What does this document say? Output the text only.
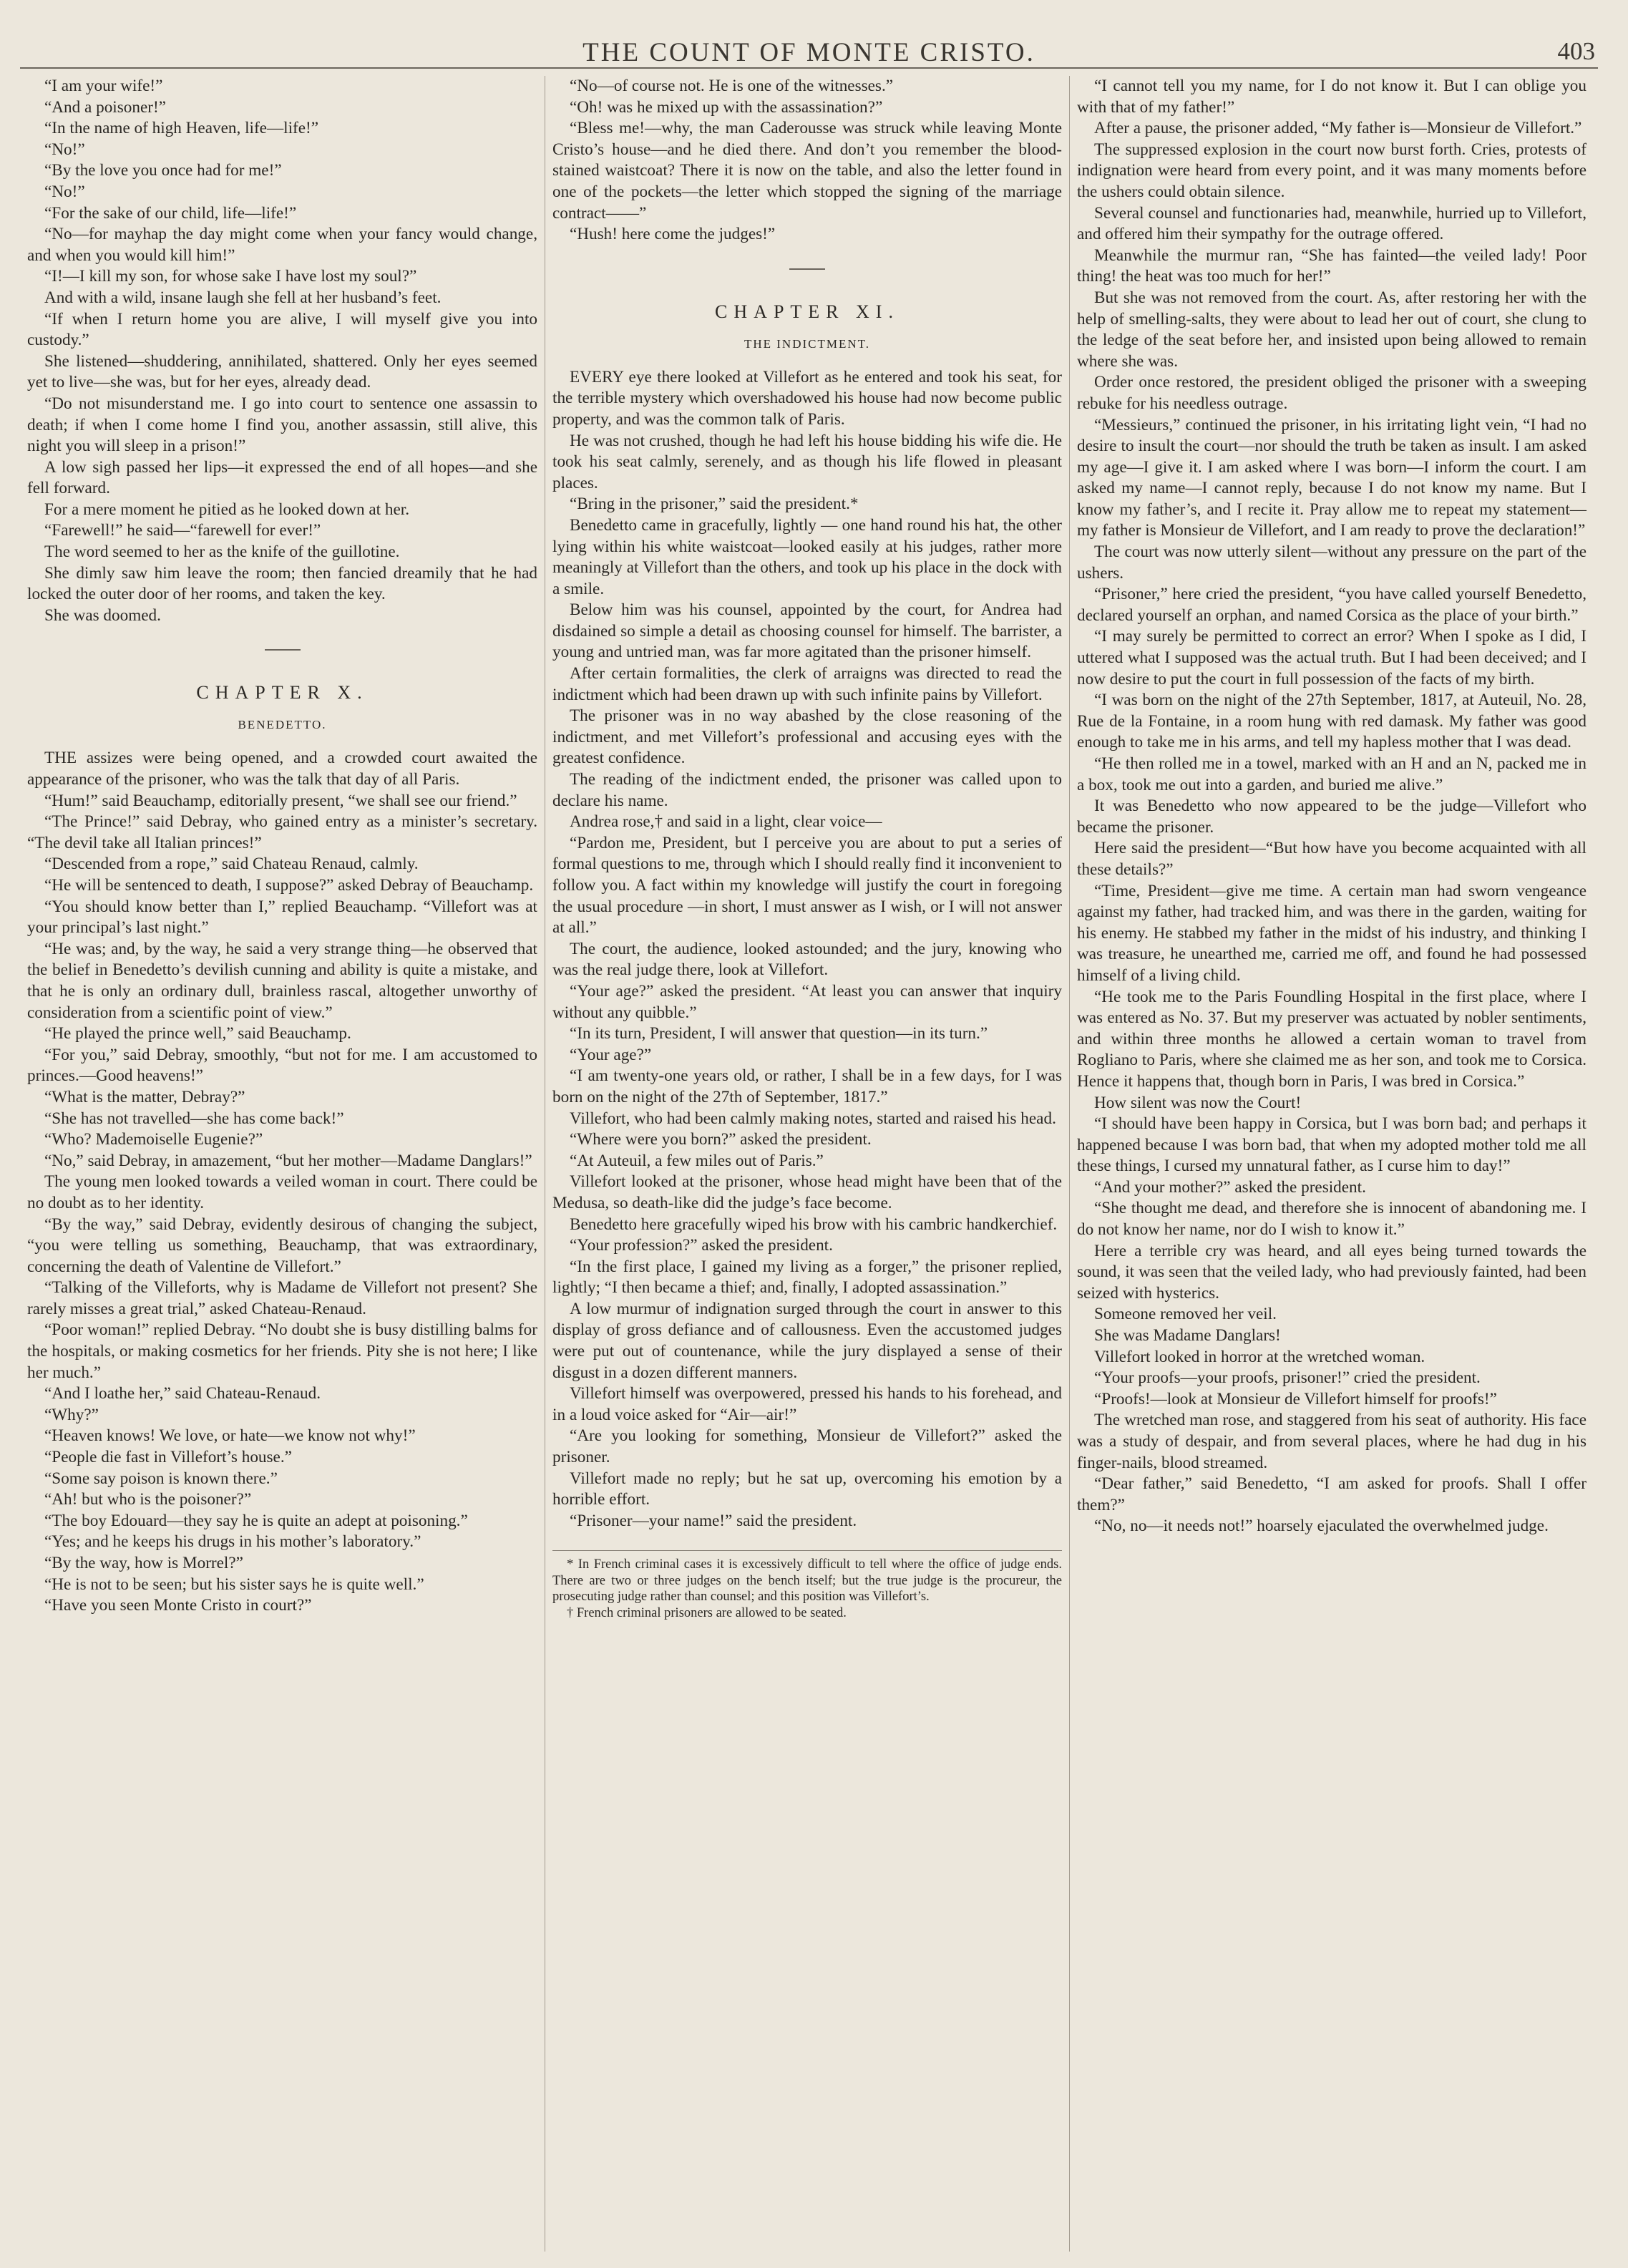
THE COUNT OF MONTE CRISTO.	403

“I am your wife!”

“And a poisoner!”

“In the name of high Heaven, life—life!”

“No!”

“By the love you once had for me!”

“No!”

“For the sake of our child, life—life!”

“No—for mayhap the day might come when your fancy would change, and when you would kill him!”

“I!—I kill my son, for whose sake I have lost my soul?”

And with a wild, insane laugh she fell at her husband’s feet.

“If when I return home you are alive, I will myself give you into custody.”

She listened—shuddering, annihilated, shattered. Only her eyes seemed yet to live—she was, but for her eyes, already dead.

“Do not misunderstand me. I go into court to sentence one assassin to death; if when I come home I find you, another assassin, still alive, this night you will sleep in a prison!”

A low sigh passed her lips—it expressed the end of all hopes—and she fell forward.

For a mere moment he pitied as he looked down at her.

“Farewell!” he said—“farewell for ever!”

The word seemed to her as the knife of the guillotine.

She dimly saw him leave the room; then fancied dreamily that he had locked the outer door of her rooms, and taken the key.

She was doomed.

CHAPTER X.
BENEDETTO.

THE assizes were being opened, and a crowded court awaited the appearance of the prisoner, who was the talk that day of all Paris.

“Hum!” said Beauchamp, editorially present, “we shall see our friend.”

“The Prince!” said Debray, who gained entry as a minister’s secretary. “The devil take all Italian princes!”

“Descended from a rope,” said Chateau Renaud, calmly.

“He will be sentenced to death, I suppose?” asked Debray of Beauchamp.

“You should know better than I,” replied Beauchamp. “Villefort was at your principal’s last night.”

“He was; and, by the way, he said a very strange thing—he observed that the belief in Benedetto’s devilish cunning and ability is quite a mistake, and that he is only an ordinary dull, brainless rascal, altogether unworthy of consideration from a scientific point of view.”

“He played the prince well,” said Beauchamp.

“For you,” said Debray, smoothly, “but not for me. I am accustomed to princes.—Good heavens!”

“What is the matter, Debray?”

“She has not travelled—she has come back!”

“Who? Mademoiselle Eugenie?”

“No,” said Debray, in amazement, “but her mother—Madame Danglars!”

The young men looked towards a veiled woman in court. There could be no doubt as to her identity.

“By the way,” said Debray, evidently desirous of changing the subject, “you were telling us something, Beauchamp, that was extraordinary, concerning the death of Valentine de Villefort.”

“Talking of the Villeforts, why is Madame de Villefort not present? She rarely misses a great trial,” asked Chateau-Renaud.

“Poor woman!” replied Debray. “No doubt she is busy distilling balms for the hospitals, or making cosmetics for her friends. Pity she is not here; I like her much.”

“And I loathe her,” said Chateau-Renaud.

“Why?”

“Heaven knows! We love, or hate—we know not why!”

“People die fast in Villefort’s house.”

“Some say poison is known there.”

“Ah! but who is the poisoner?”

“The boy Edouard—they say he is quite an adept at poisoning.”

“Yes; and he keeps his drugs in his mother’s laboratory.”

“By the way, how is Morrel?”

“He is not to be seen; but his sister says he is quite well.”

“Have you seen Monte Cristo in court?”

“No—of course not. He is one of the witnesses.”

“Oh! was he mixed up with the assassination?”

“Bless me!—why, the man Caderousse was struck while leaving Monte Cristo’s house—and he died there. And don’t you remember the blood-stained waistcoat? There it is now on the table, and also the letter found in one of the pockets—the letter which stopped the signing of the marriage contract——”

“Hush! here come the judges!”

CHAPTER XI.
THE INDICTMENT.

EVERY eye there looked at Villefort as he entered and took his seat, for the terrible mystery which overshadowed his house had now become public property, and was the common talk of Paris.

He was not crushed, though he had left his house bidding his wife die. He took his seat calmly, serenely, and as though his life flowed in pleasant places.

“Bring in the prisoner,” said the president.*

Benedetto came in gracefully, lightly — one hand round his hat, the other lying within his white waistcoat—looked easily at his judges, rather more meaningly at Villefort than the others, and took up his place in the dock with a smile.

Below him was his counsel, appointed by the court, for Andrea had disdained so simple a detail as choosing counsel for himself. The barrister, a young and untried man, was far more agitated than the prisoner himself.

After certain formalities, the clerk of arraigns was directed to read the indictment which had been drawn up with such infinite pains by Villefort.

The prisoner was in no way abashed by the close reasoning of the indictment, and met Villefort’s professional and accusing eyes with the greatest confidence.

The reading of the indictment ended, the prisoner was called upon to declare his name.

Andrea rose,† and said in a light, clear voice—

“Pardon me, President, but I perceive you are about to put a series of formal questions to me, through which I should really find it inconvenient to follow you. A fact within my knowledge will justify the court in foregoing the usual procedure —in short, I must answer as I wish, or I will not answer at all.”

The court, the audience, looked astounded; and the jury, knowing who was the real judge there, look at Villefort.

“Your age?” asked the president. “At least you can answer that inquiry without any quibble.”

“In its turn, President, I will answer that question—in its turn.”

“Your age?”

“I am twenty-one years old, or rather, I shall be in a few days, for I was born on the night of the 27th of September, 1817.”

Villefort, who had been calmly making notes, started and raised his head.

“Where were you born?” asked the president.

“At Auteuil, a few miles out of Paris.”

Villefort looked at the prisoner, whose head might have been that of the Medusa, so death-like did the judge’s face become.

Benedetto here gracefully wiped his brow with his cambric handkerchief.

“Your profession?” asked the president.

“In the first place, I gained my living as a forger,” the prisoner replied, lightly; “I then became a thief; and, finally, I adopted assassination.”

A low murmur of indignation surged through the court in answer to this display of gross defiance and of callousness. Even the accustomed judges were put out of countenance, while the jury displayed a sense of their disgust in a dozen different manners.

Villefort himself was overpowered, pressed his hands to his forehead, and in a loud voice asked for “Air—air!”

“Are you looking for something, Monsieur de Villefort?” asked the prisoner.

Villefort made no reply; but he sat up, overcoming his emotion by a horrible effort.

“Prisoner—your name!” said the president.

* In French criminal cases it is excessively difficult to tell where the office of judge ends. There are two or three judges on the bench itself; but the true judge is the procureur, the prosecuting judge rather than counsel; and this position was Villefort’s.

† French criminal prisoners are allowed to be seated.

“I cannot tell you my name, for I do not know it. But I can oblige you with that of my father!”

After a pause, the prisoner added, “My father is—Monsieur de Villefort.”

The suppressed explosion in the court now burst forth. Cries, protests of indignation were heard from every point, and it was many moments before the ushers could obtain silence.

Several counsel and functionaries had, meanwhile, hurried up to Villefort, and offered him their sympathy for the outrage offered.

Meanwhile the murmur ran, “She has fainted—the veiled lady! Poor thing! the heat was too much for her!”

But she was not removed from the court. As, after restoring her with the help of smelling-salts, they were about to lead her out of court, she clung to the ledge of the seat before her, and insisted upon being allowed to remain where she was.

Order once restored, the president obliged the prisoner with a sweeping rebuke for his needless outrage.

“Messieurs,” continued the prisoner, in his irritating light vein, “I had no desire to insult the court—nor should the truth be taken as insult. I am asked my age—I give it. I am asked where I was born—I inform the court. I am asked my name—I cannot reply, because I do not know my name. But I know my father’s, and I recite it. Pray allow me to repeat my statement—my father is Monsieur de Villefort, and I am ready to prove the declaration!”

The court was now utterly silent—without any pressure on the part of the ushers.

“Prisoner,” here cried the president, “you have called yourself Benedetto, declared yourself an orphan, and named Corsica as the place of your birth.”

“I may surely be permitted to correct an error? When I spoke as I did, I uttered what I supposed was the actual truth. But I had been deceived; and I now desire to put the court in full possession of the facts of my birth.

“I was born on the night of the 27th September, 1817, at Auteuil, No. 28, Rue de la Fontaine, in a room hung with red damask. My father was good enough to take me in his arms, and tell my hapless mother that I was dead.

“He then rolled me in a towel, marked with an H and an N, packed me in a box, took me out into a garden, and buried me alive.”

It was Benedetto who now appeared to be the judge—Villefort who became the prisoner.

Here said the president—“But how have you become acquainted with all these details?”

“Time, President—give me time. A certain man had sworn vengeance against my father, had tracked him, and was there in the garden, waiting for his enemy. He stabbed my father in the midst of his industry, and thinking I was treasure, he unearthed me, carried me off, and found he had possessed himself of a living child.

“He took me to the Paris Foundling Hospital in the first place, where I was entered as No. 37. But my preserver was actuated by nobler sentiments, and within three months he allowed a certain woman to travel from Rogliano to Paris, where she claimed me as her son, and took me to Corsica. Hence it happens that, though born in Paris, I was bred in Corsica.”

How silent was now the Court!

“I should have been happy in Corsica, but I was born bad; and perhaps it happened because I was born bad, that when my adopted mother told me all these things, I cursed my unnatural father, as I curse him to day!”

“And your mother?” asked the president.

“She thought me dead, and therefore she is innocent of abandoning me. I do not know her name, nor do I wish to know it.”

Here a terrible cry was heard, and all eyes being turned towards the sound, it was seen that the veiled lady, who had previously fainted, had been seized with hysterics.

Someone removed her veil.

She was Madame Danglars!

Villefort looked in horror at the wretched woman.

“Your proofs—your proofs, prisoner!” cried the president.

“Proofs!—look at Monsieur de Villefort himself for proofs!”

The wretched man rose, and staggered from his seat of authority. His face was a study of despair, and from several places, where he had dug in his finger-nails, blood streamed.

“Dear father,” said Benedetto, “I am asked for proofs. Shall I offer them?”

“No, no—it needs not!” hoarsely ejaculated the overwhelmed judge.
